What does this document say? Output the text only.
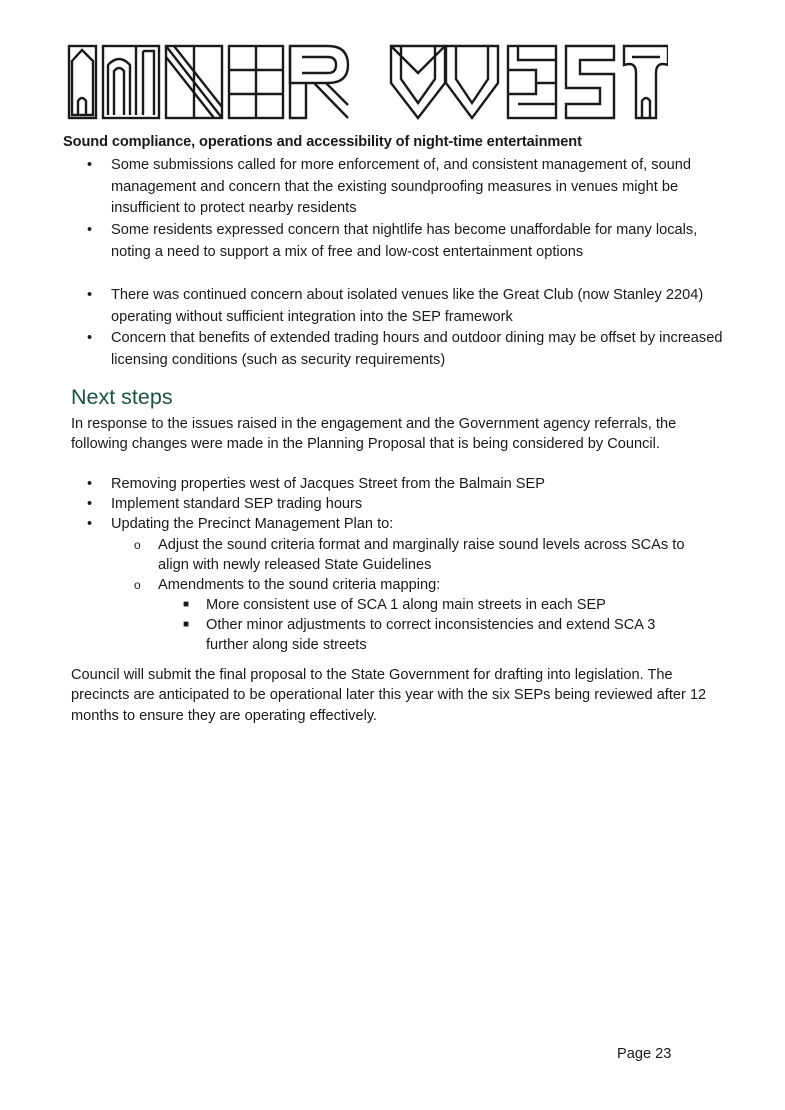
Sound compliance, operations and accessibility of night-time entertainment
• Some submissions called for more enforcement of, and consistent management of, sound management and concern that the existing soundproofing measures in venues might be insufficient to protect nearby residents
• Some residents expressed concern that nightlife has become unaffordable for many locals, noting a need to support a mix of free and low-cost entertainment options
• There was continued concern about isolated venues like the Great Club (now Stanley 2204) operating without sufficient integration into the SEP framework
• Concern that benefits of extended trading hours and outdoor dining may be offset by increased licensing conditions (such as security requirements)
Next steps

In response to the issues raised in the engagement and the Government agency referrals, the following changes were made in the Planning Proposal that is being considered by Council.

• Removing properties west of Jacques Street from the Balmain SEP
• Implement standard SEP trading hours
• Updating the Precinct Management Plan to:
o Adjust the sound criteria format and marginally raise sound levels across SCAs to align with newly released State Guidelines
o Amendments to the sound criteria mapping:
■ More consistent use of SCA 1 along main streets in each SEP
■ Other minor adjustments to correct inconsistencies and extend SCA 3 further along side streets

Council will submit the final proposal to the State Government for drafting into legislation. The precincts are anticipated to be operational later this year with the six SEPs being reviewed after 12 months to ensure they are operating effectively.

Page 23
